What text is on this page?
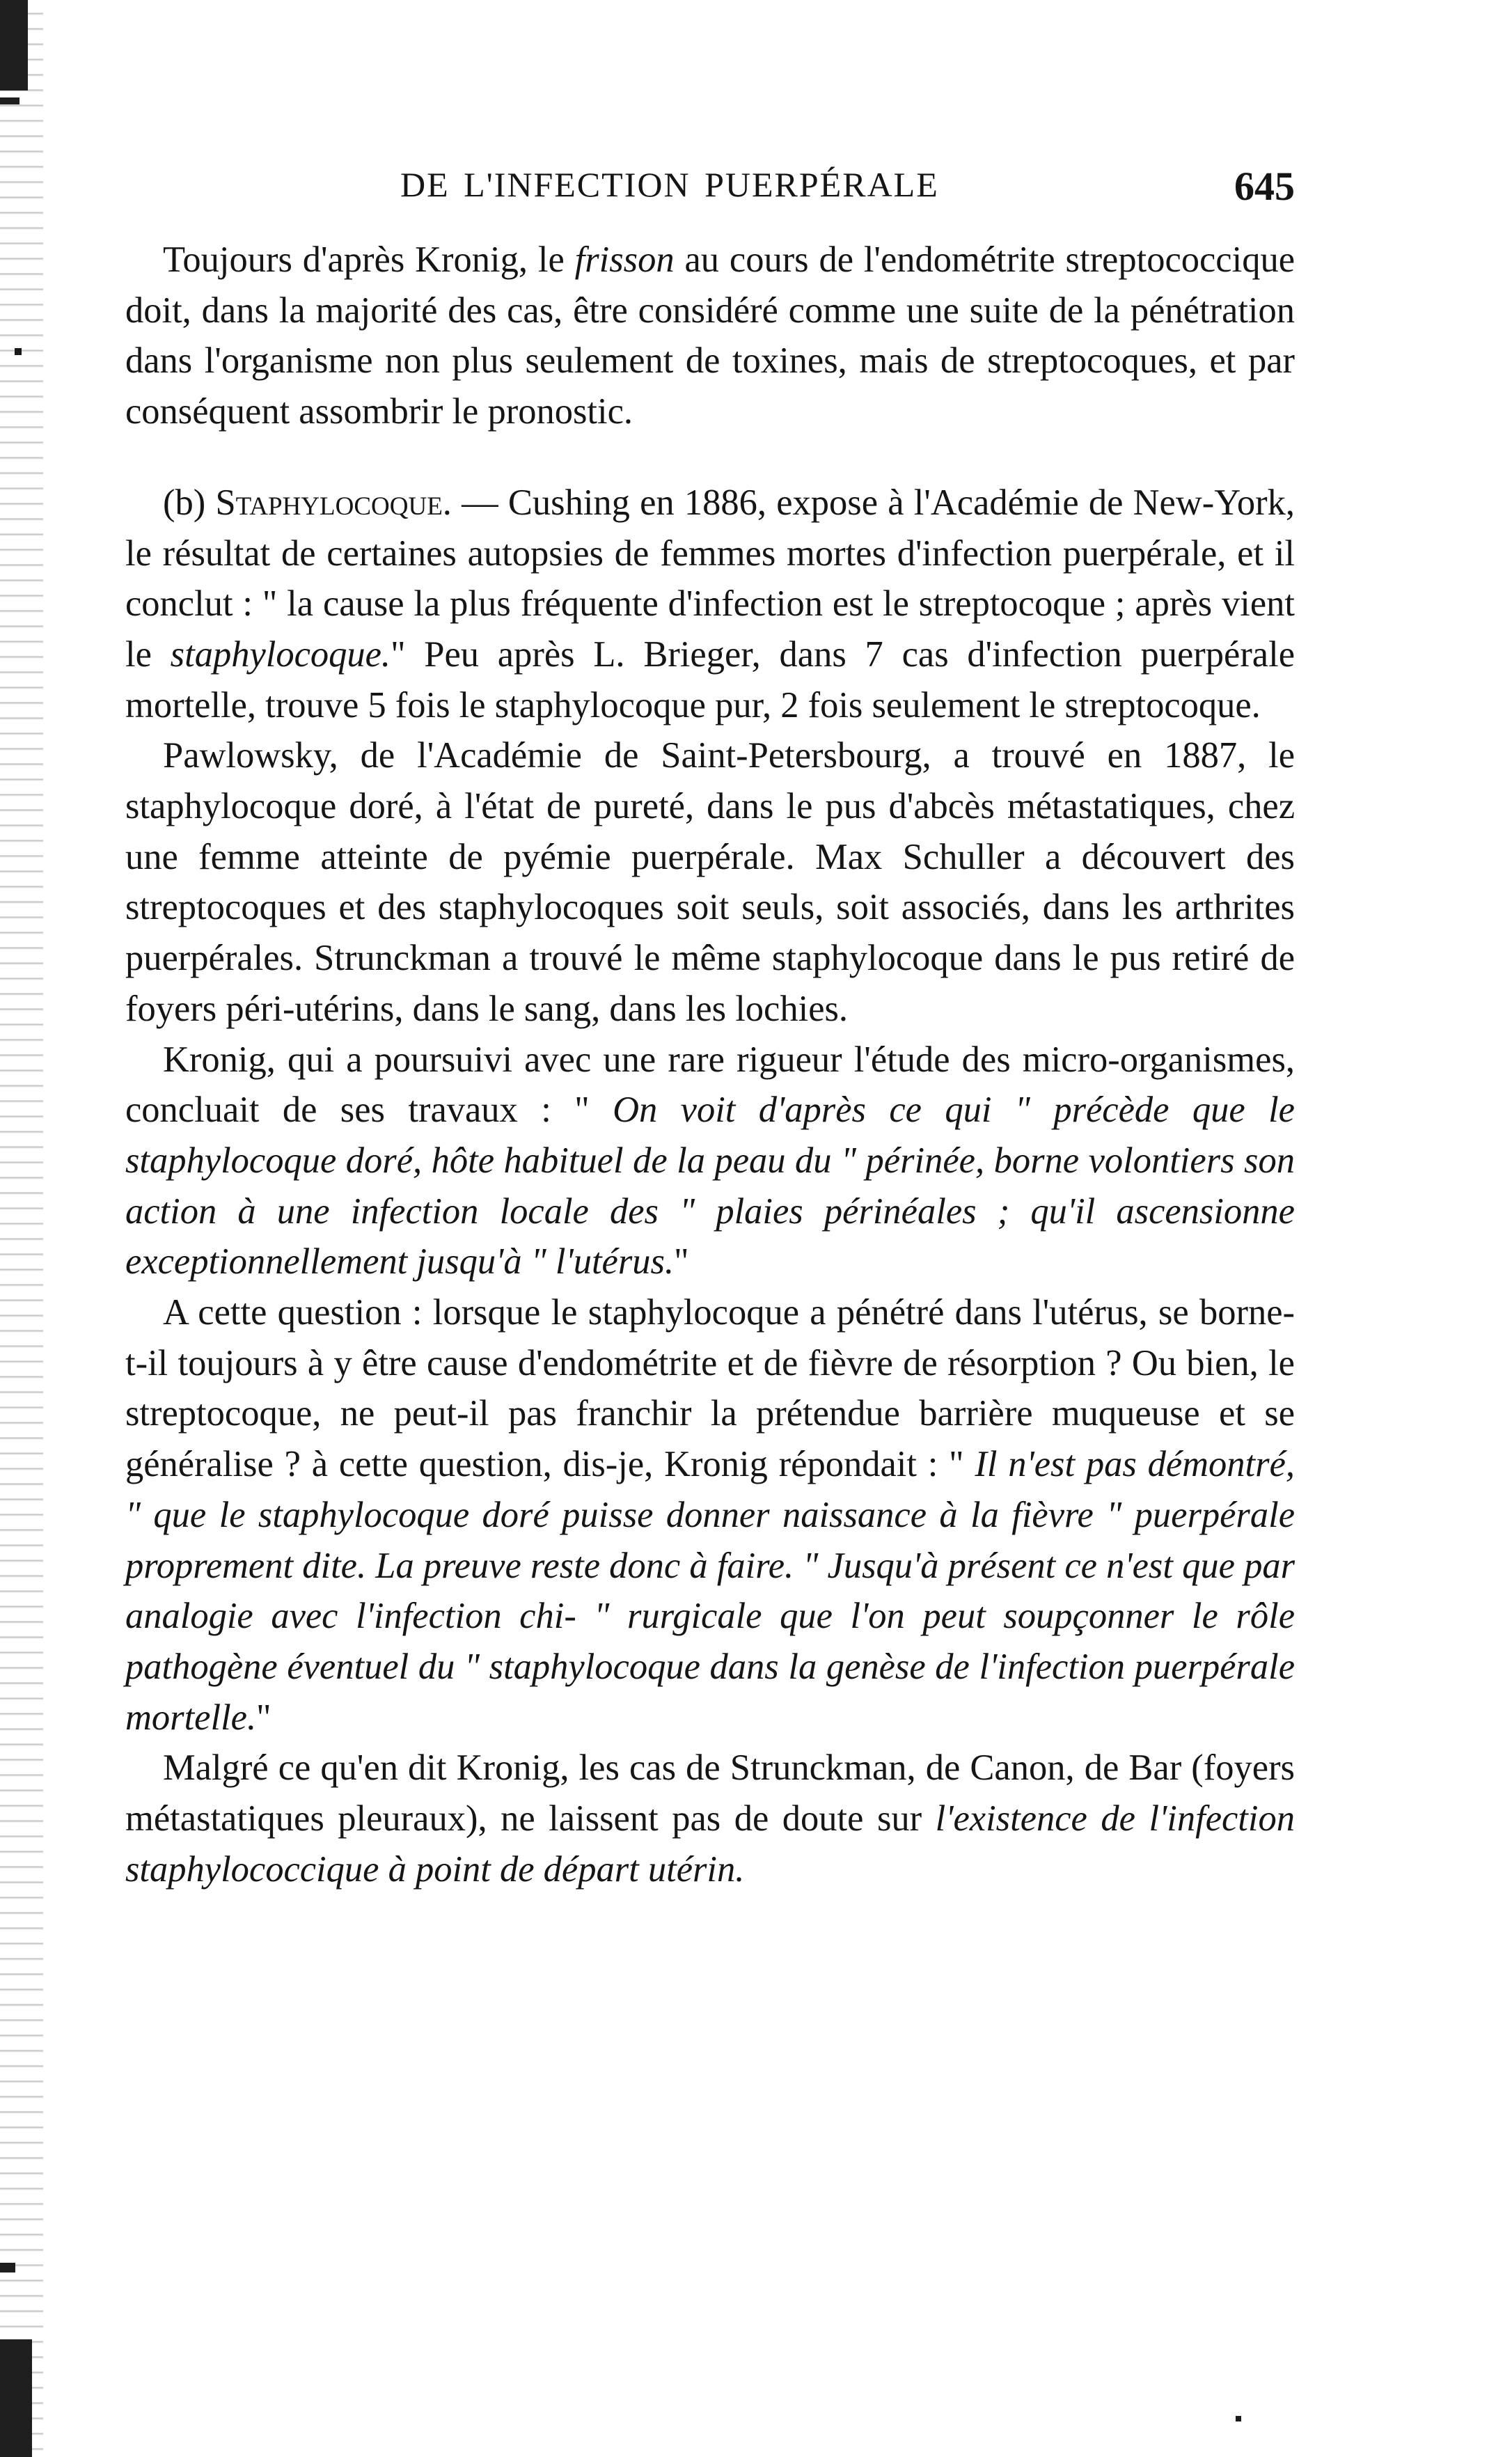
DE L'INFECTION PUERPÉRALE	645

Toujours d'après Kronig, le frisson au cours de l'endométrite streptococcique doit, dans la majorité des cas, être considéré comme une suite de la pénétration dans l'organisme non plus seulement de toxines, mais de streptocoques, et par conséquent assombrir le pronostic.

(b) Staphylocoque. — Cushing en 1886, expose à l'Académie de New-York, le résultat de certaines autopsies de femmes mortes d'infection puerpérale, et il conclut : " la cause la plus fréquente d'infection est le streptocoque ; après vient le staphylocoque." Peu après L. Brieger, dans 7 cas d'infection puerpérale mortelle, trouve 5 fois le staphylocoque pur, 2 fois seulement le streptocoque.

Pawlowsky, de l'Académie de Saint-Petersbourg, a trouvé en 1887, le staphylocoque doré, à l'état de pureté, dans le pus d'abcès métastatiques, chez une femme atteinte de pyémie puerpérale. Max Schuller a découvert des streptocoques et des staphylocoques soit seuls, soit associés, dans les arthrites puerpérales. Strunckman a trouvé le même staphylocoque dans le pus retiré de foyers péri-utérins, dans le sang, dans les lochies.

Kronig, qui a poursuivi avec une rare rigueur l'étude des micro-organismes, concluait de ses travaux : " On voit d'après ce qui " précède que le staphylocoque doré, hôte habituel de la peau du " périnée, borne volontiers son action à une infection locale des " plaies périnéales ; qu'il ascensionne exceptionnellement jusqu'à " l'utérus."

A cette question : lorsque le staphylocoque a pénétré dans l'utérus, se borne-t-il toujours à y être cause d'endométrite et de fièvre de résorption ? Ou bien, le streptocoque, ne peut-il pas franchir la prétendue barrière muqueuse et se généralise ? à cette question, dis-je, Kronig répondait : " Il n'est pas démontré, " que le staphylocoque doré puisse donner naissance à la fièvre " puerpérale proprement dite. La preuve reste donc à faire. " Jusqu'à présent ce n'est que par analogie avec l'infection chi- " rurgicale que l'on peut soupçonner le rôle pathogène éventuel du " staphylocoque dans la genèse de l'infection puerpérale mortelle."

Malgré ce qu'en dit Kronig, les cas de Strunckman, de Canon, de Bar (foyers métastatiques pleuraux), ne laissent pas de doute sur l'existence de l'infection staphylococcique à point de départ utérin.
